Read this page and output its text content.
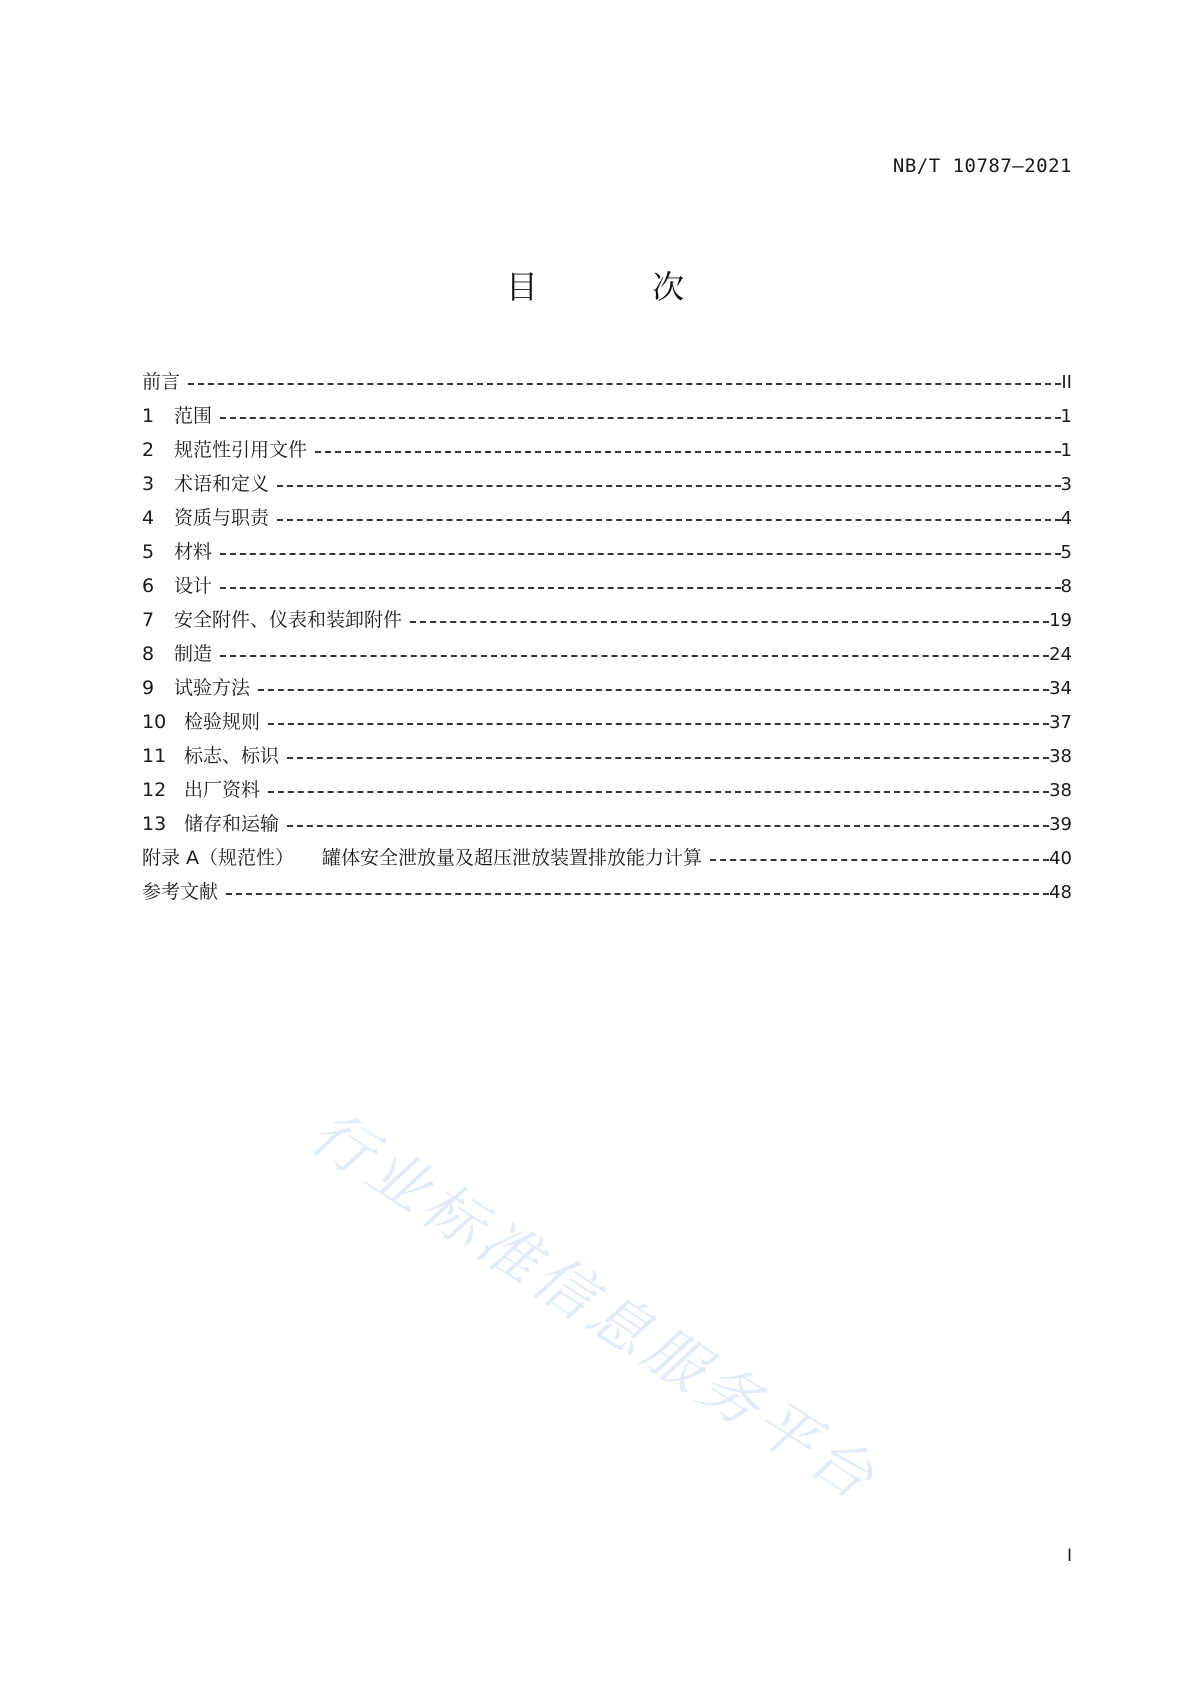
NB/T 10787—2021
目 次
前言	II
1	范围	1
2	规范性引用文件	1
3	术语和定义	3
4	资质与职责	4
5	材料	5
6	设计	8
7	安全附件、仪表和装卸附件	19
8	制造	24
9	试验方法	34
10 检验规则	37
11 标志、标识	38
12 出厂资料	38
13 储存和运输	39
附录 A（规范性） 罐体安全泄放量及超压泄放装置排放能力计算	40
参考文献	48
行业标准信息服务平台
I
